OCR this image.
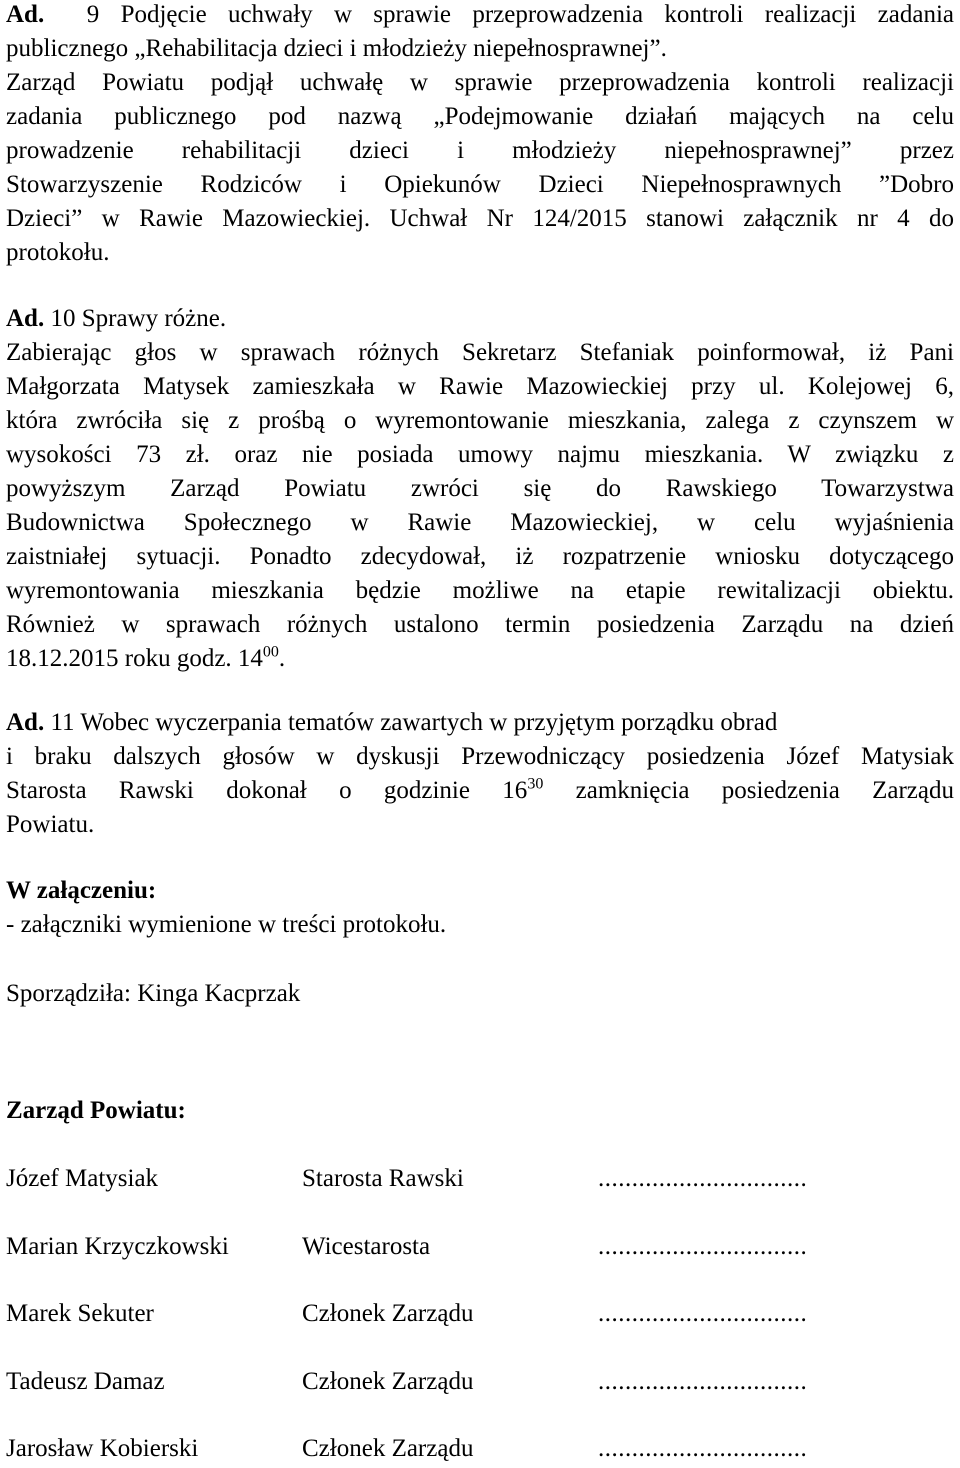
Ad. 9 Podjęcie uchwały w sprawie przeprowadzenia kontroli realizacji zadania
publicznego „Rehabilitacja dzieci i młodzieży niepełnosprawnej”.
Zarząd Powiatu podjął uchwałę w sprawie przeprowadzenia kontroli realizacji
zadania publicznego pod nazwą „Podejmowanie działań mających na celu
prowadzenie rehabilitacji dzieci i młodzieży niepełnosprawnej” przez
Stowarzyszenie Rodziców i Opiekunów Dzieci Niepełnosprawnych ”Dobro
Dzieci” w Rawie Mazowieckiej. Uchwał Nr 124/2015 stanowi załącznik nr 4 do
protokołu.
Ad. 10 Sprawy różne.
Zabierając głos w sprawach różnych Sekretarz Stefaniak poinformował, iż Pani
Małgorzata Matysek zamieszkała w Rawie Mazowieckiej przy ul. Kolejowej 6,
która zwróciła się z prośbą o wyremontowanie mieszkania, zalega z czynszem w
wysokości 73 zł. oraz nie posiada umowy najmu mieszkania. W związku z
powyższym Zarząd Powiatu zwróci się do Rawskiego Towarzystwa
Budownictwa Społecznego w Rawie Mazowieckiej, w celu wyjaśnienia
zaistniałej sytuacji. Ponadto zdecydował, iż rozpatrzenie wniosku dotyczącego
wyremontowania mieszkania będzie możliwe na etapie rewitalizacji obiektu.
Również w sprawach różnych ustalono termin posiedzenia Zarządu na dzień
18.12.2015 roku godz. $14^{00}$.
Ad. 11 Wobec wyczerpania tematów zawartych w przyjętym porządku obrad
i braku dalszych głosów w dyskusji Przewodniczący posiedzenia Józef Matysiak
Starosta Rawski dokonał o godzinie $16^{30}$ zamknięcia posiedzenia Zarządu
Powiatu.
W załączeniu:
- załączniki wymienione w treści protokołu.
Sporządziła: Kinga Kacprzak
Zarząd Powiatu:
Józef Matysiak	Starosta Rawski	...............................
Marian Krzyczkowski	Wicestarosta	...............................
Marek Sekuter	Członek Zarządu	...............................
Tadeusz Damaz	Członek Zarządu	...............................
Jarosław Kobierski	Członek Zarządu	...............................
